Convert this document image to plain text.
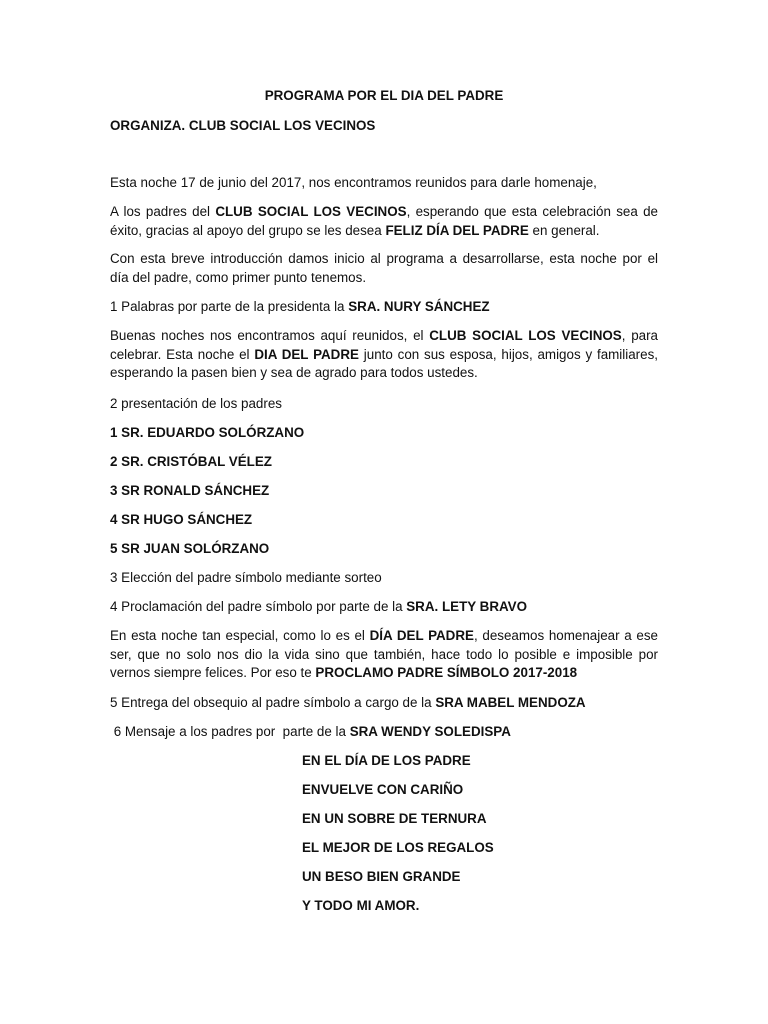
PROGRAMA POR EL DIA DEL PADRE
ORGANIZA. CLUB SOCIAL LOS VECINOS
Esta noche 17 de junio del 2017, nos encontramos reunidos para darle homenaje,
A los padres del CLUB SOCIAL LOS VECINOS, esperando que esta celebración sea de
éxito, gracias al apoyo del grupo se les desea FELIZ DÍA DEL PADRE en general.
Con esta breve introducción damos inicio al programa a desarrollarse, esta noche por el
día del padre, como primer punto tenemos.
1 Palabras por parte de la presidenta la SRA. NURY SÁNCHEZ
Buenas noches nos encontramos aquí reunidos, el CLUB SOCIAL LOS VECINOS, para
celebrar. Esta noche el DIA DEL PADRE junto con sus esposa, hijos, amigos y familiares,
esperando la pasen bien y sea de agrado para todos ustedes.
2 presentación de los padres
1 SR. EDUARDO SOLÓRZANO
2 SR. CRISTÓBAL VÉLEZ
3 SR RONALD SÁNCHEZ
4 SR HUGO SÁNCHEZ
5 SR JUAN SOLÓRZANO
3 Elección del padre símbolo mediante sorteo
4 Proclamación del padre símbolo por parte de la SRA. LETY BRAVO
En esta noche tan especial, como lo es el DÍA DEL PADRE, deseamos homenajear a ese
ser, que no solo nos dio la vida sino que también, hace todo lo posible e imposible por
vernos siempre felices. Por eso te PROCLAMO PADRE SÍMBOLO 2017-2018
5 Entrega del obsequio al padre símbolo a cargo de la SRA MABEL MENDOZA
6 Mensaje a los padres por  parte de la SRA WENDY SOLEDISPA
EN EL DÍA DE LOS PADRE
ENVUELVE CON CARIÑO
EN UN SOBRE DE TERNURA
EL MEJOR DE LOS REGALOS
UN BESO BIEN GRANDE
Y TODO MI AMOR.
